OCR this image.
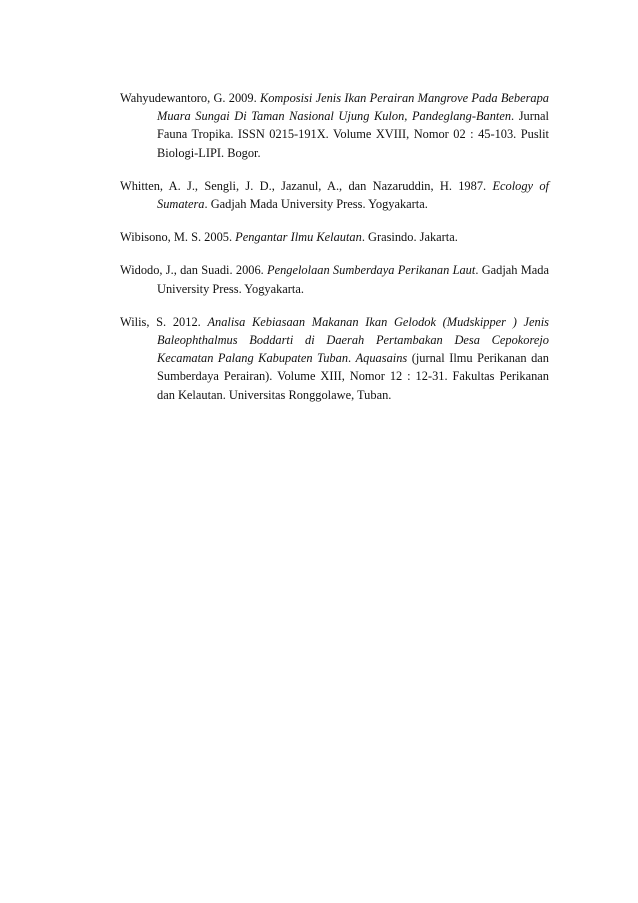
Wahyudewantoro, G. 2009. Komposisi Jenis Ikan Perairan Mangrove Pada Beberapa Muara Sungai Di Taman Nasional Ujung Kulon, Pandeglang-Banten. Jurnal Fauna Tropika. ISSN 0215-191X. Volume XVIII, Nomor 02 : 45-103. Puslit Biologi-LIPI. Bogor.

Whitten, A. J., Sengli, J. D., Jazanul, A., dan Nazaruddin, H. 1987. Ecology of Sumatera. Gadjah Mada University Press. Yogyakarta.

Wibisono, M. S. 2005. Pengantar Ilmu Kelautan. Grasindo. Jakarta.

Widodo, J., dan Suadi. 2006. Pengelolaan Sumberdaya Perikanan Laut. Gadjah Mada University Press. Yogyakarta.

Wilis, S. 2012. Analisa Kebiasaan Makanan Ikan Gelodok (Mudskipper ) Jenis Baleophthalmus Boddarti di Daerah Pertambakan Desa Cepokorejo Kecamatan Palang Kabupaten Tuban. Aquasains (jurnal Ilmu Perikanan dan Sumberdaya Perairan). Volume XIII, Nomor 12 : 12-31. Fakultas Perikanan dan Kelautan. Universitas Ronggolawe, Tuban.
